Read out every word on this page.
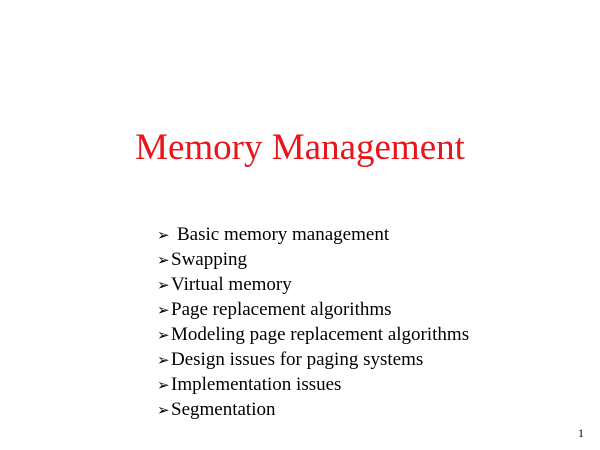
Memory Management
➢ Basic memory management
➢ Swapping
➢ Virtual memory
➢ Page replacement algorithms
➢ Modeling page replacement algorithms
➢ Design issues for paging systems
➢ Implementation issues
➢ Segmentation
1
